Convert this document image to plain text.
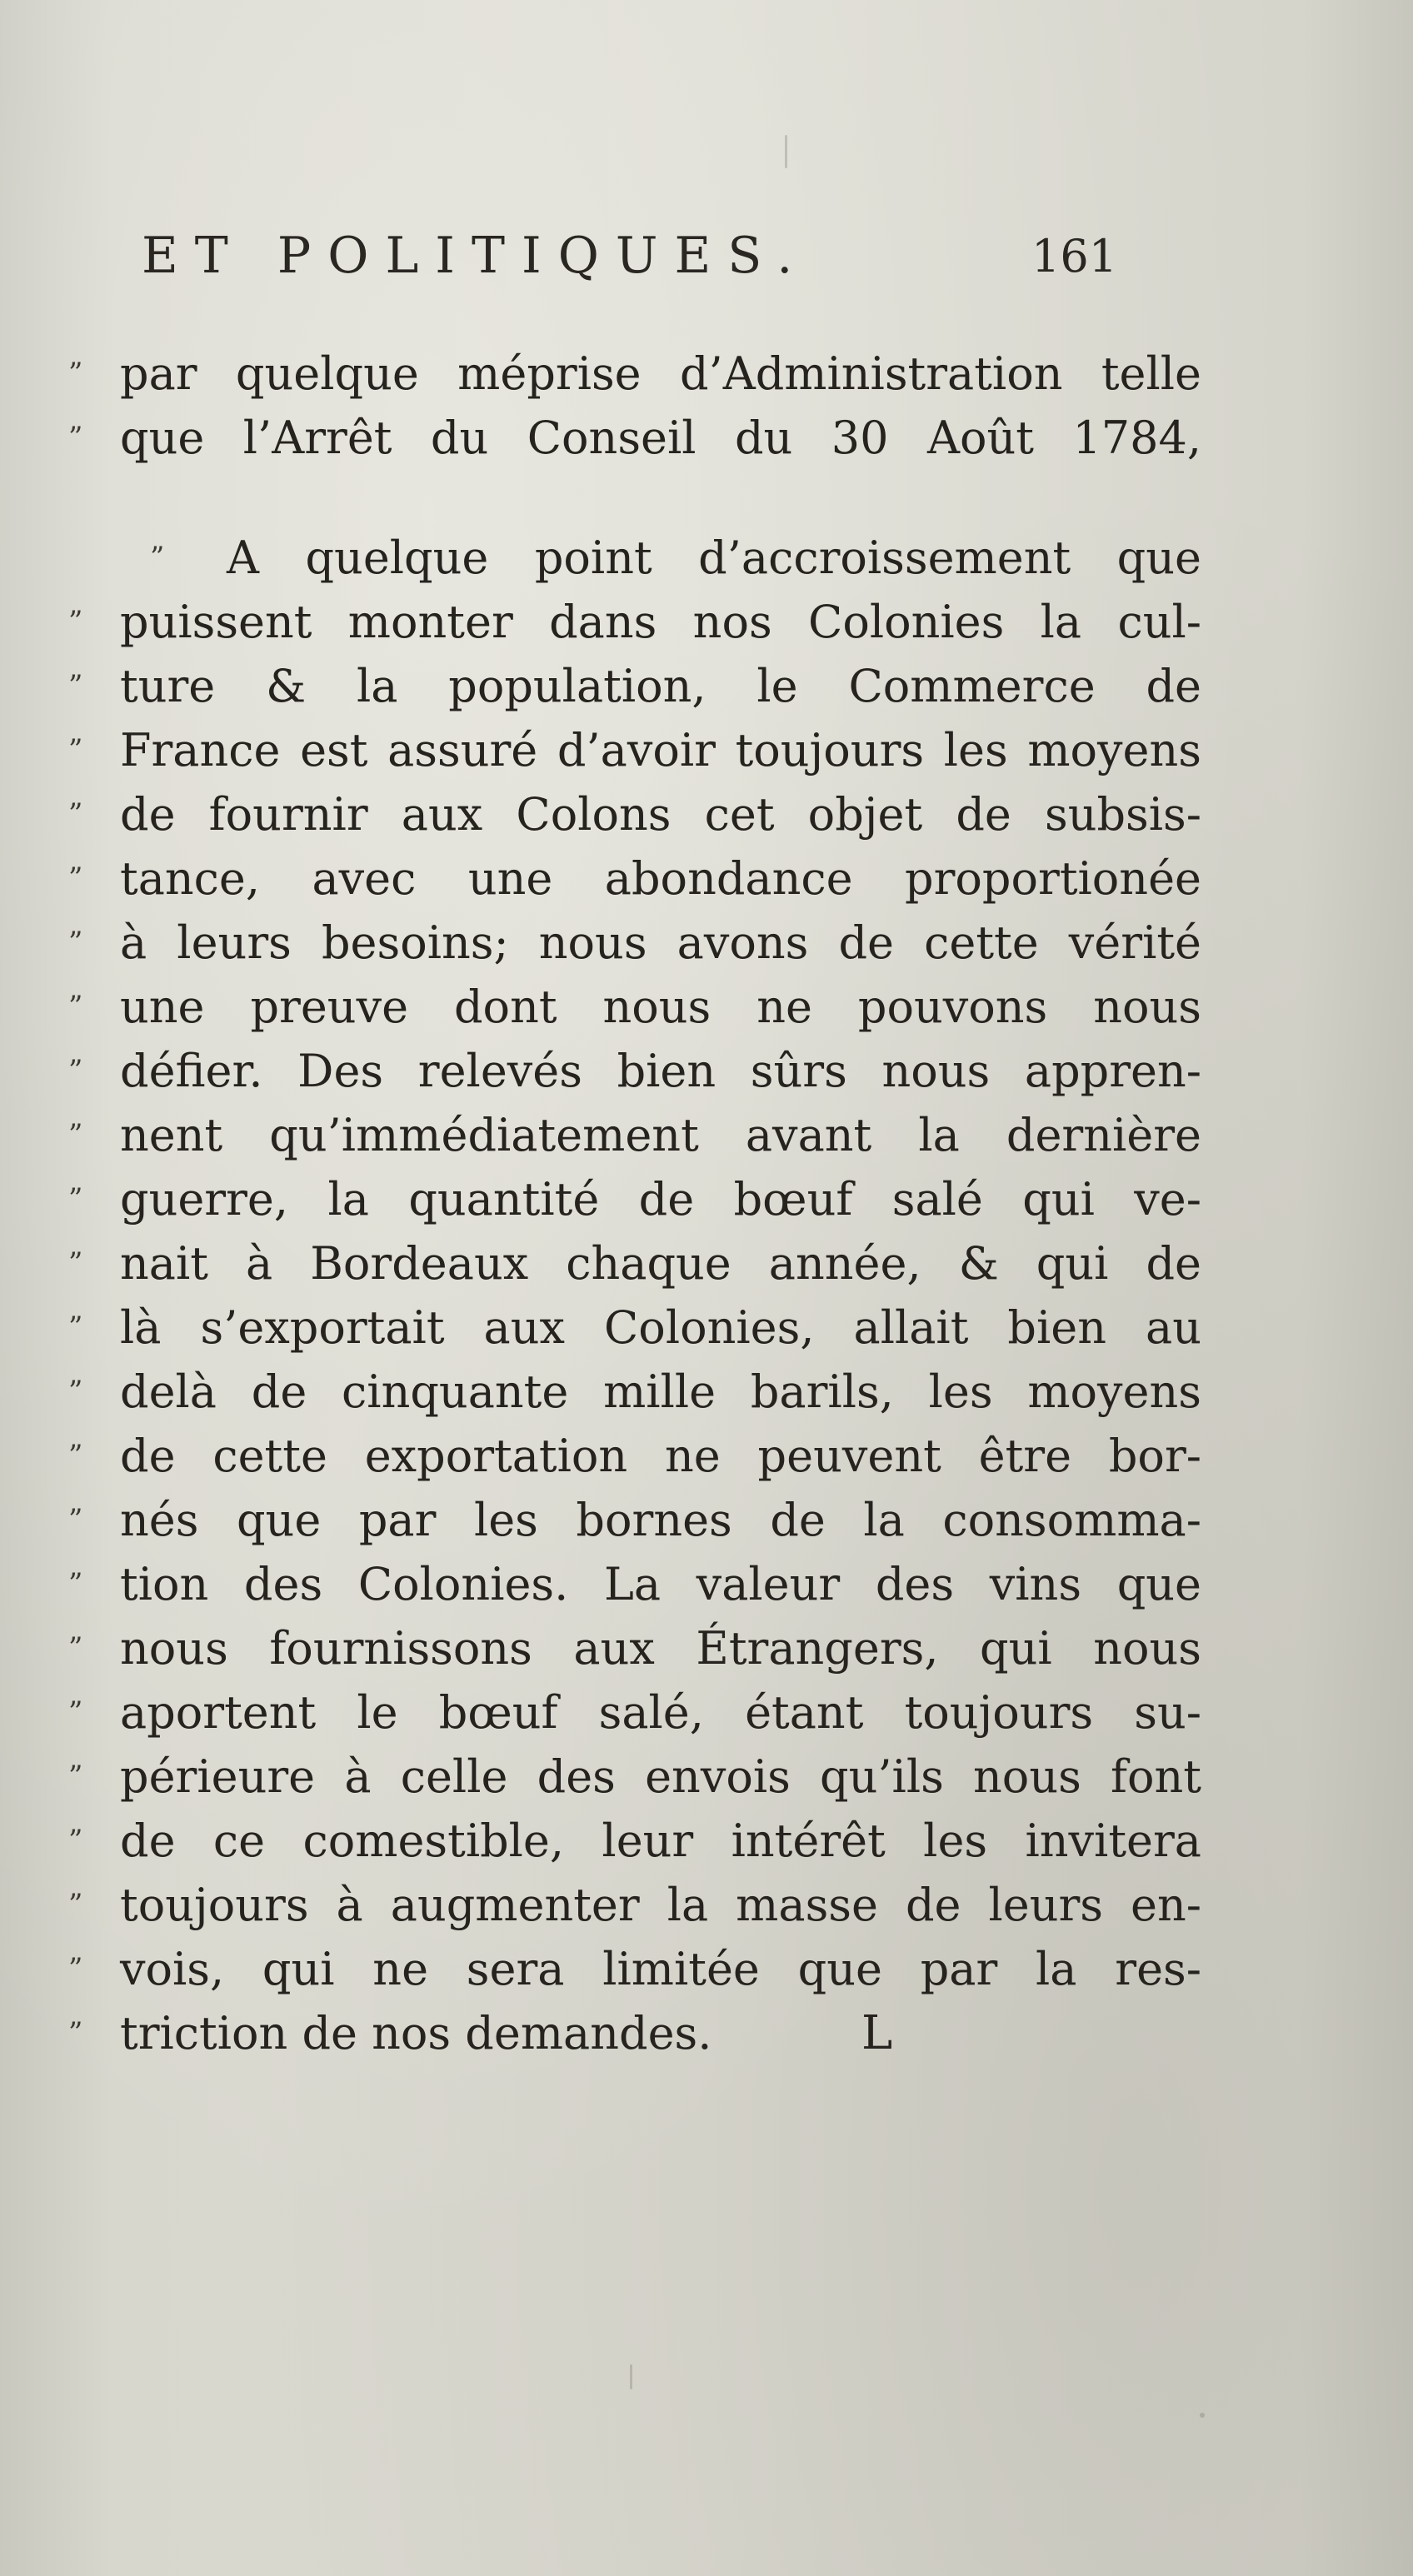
ET POLITIQUES.	161
” par quelque méprise d’Administration telle
” que l’Arrêt du Conseil du 30 Août 1784,
” A quelque point d’accroissement que
” puissent monter dans nos Colonies la cul-
” ture & la population, le Commerce de
” France est assuré d’avoir toujours les moyens
” de fournir aux Colons cet objet de subsis-
” tance, avec une abondance proportionée
” à leurs besoins; nous avons de cette vérité
” une preuve dont nous ne pouvons nous
” défier. Des relevés bien sûrs nous appren-
” nent qu’immédiatement avant la dernière
” guerre, la quantité de bœuf salé qui ve-
” nait à Bordeaux chaque année, & qui de
” là s’exportait aux Colonies, allait bien au
” delà de cinquante mille barils, les moyens
” de cette exportation ne peuvent être bor-
” nés que par les bornes de la consomma-
” tion des Colonies. La valeur des vins que
” nous fournissons aux Étrangers, qui nous
” aportent le bœuf salé, étant toujours su-
” périeure à celle des envois qu’ils nous font
” de ce comestible, leur intérêt les invitera
” toujours à augmenter la masse de leurs en-
” vois, qui ne sera limitée que par la res-
” triction de nos demandes.	L
